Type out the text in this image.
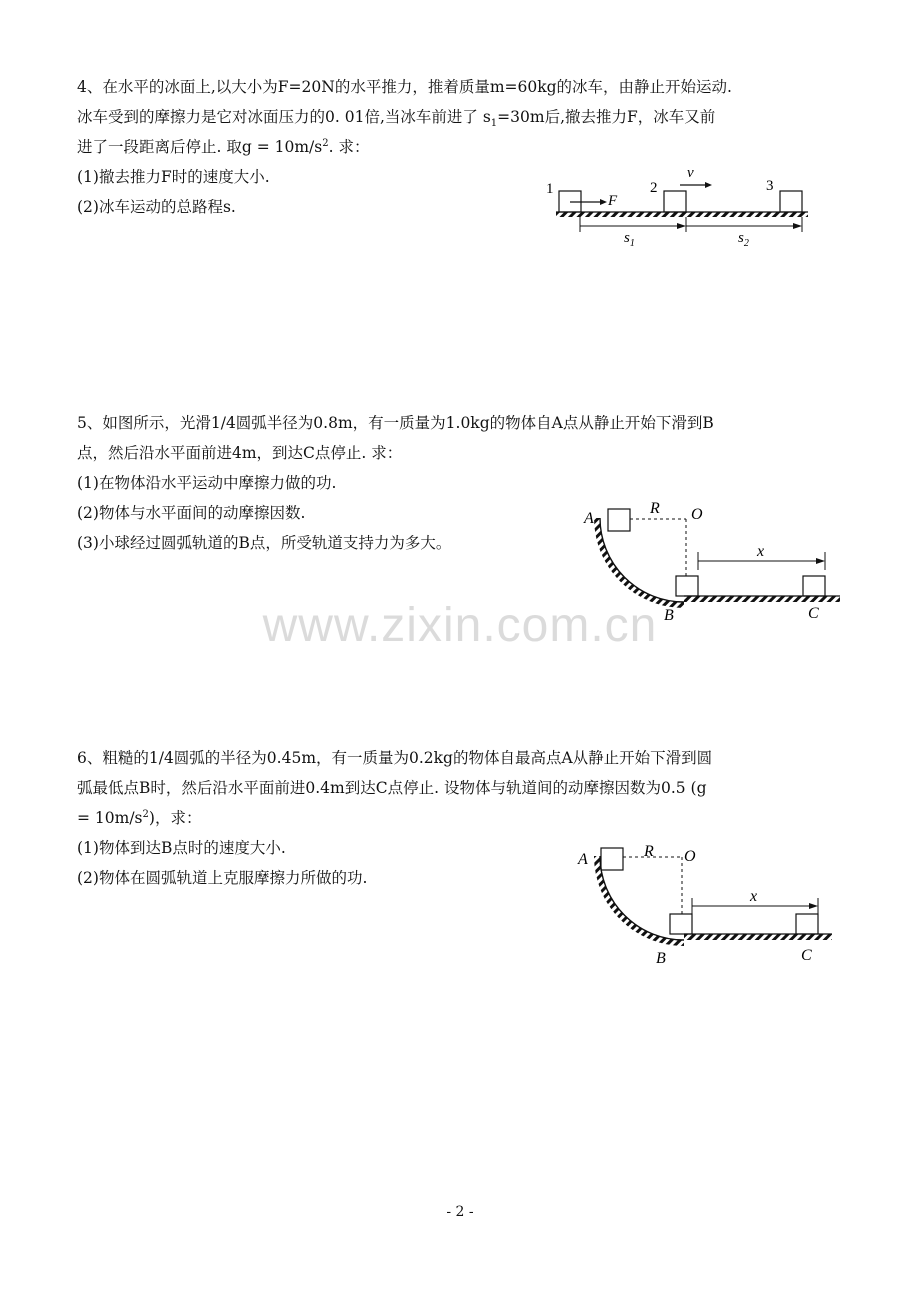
4、在水平的冰面上,以大小为F=20N的水平推力，推着质量m=60kg的冰车，由静止开始运动.

冰车受到的摩擦力是它对冰面压力的0. 01倍,当冰车前进了 $s_1=30m$后,撤去推力F，冰车又前

进了一段距离后停止. 取$g = 10m/s^2$. 求：

(1)撤去推力F时的速度大小.

(2)冰车运动的总路程s.

1	2	3
F
v
$s_1$	$s_2$

5、如图所示，光滑1/4圆弧半径为0.8m，有一质量为1.0kg的物体自A点从静止开始下滑到B

点，然后沿水平面前进4m，到达C点停止. 求：

(1)在物体沿水平运动中摩擦力做的功.

(2)物体与水平面间的动摩擦因数.

(3)小球经过圆弧轨道的B点，所受轨道支持力为多大。

A
R O
x
B	C
www.zixin.com.cn

6、粗糙的1/4圆弧的半径为0.45m，有一质量为0.2kg的物体自最高点A从静止开始下滑到圆

弧最低点B时，然后沿水平面前进0.4m到达C点停止. 设物体与轨道间的动摩擦因数为0.5 (g

= $10m/s^2$)，求：

(1)物体到达B点时的速度大小.

(2)物体在圆弧轨道上克服摩擦力所做的功.

A	R O
x
B	C
- 2 -
